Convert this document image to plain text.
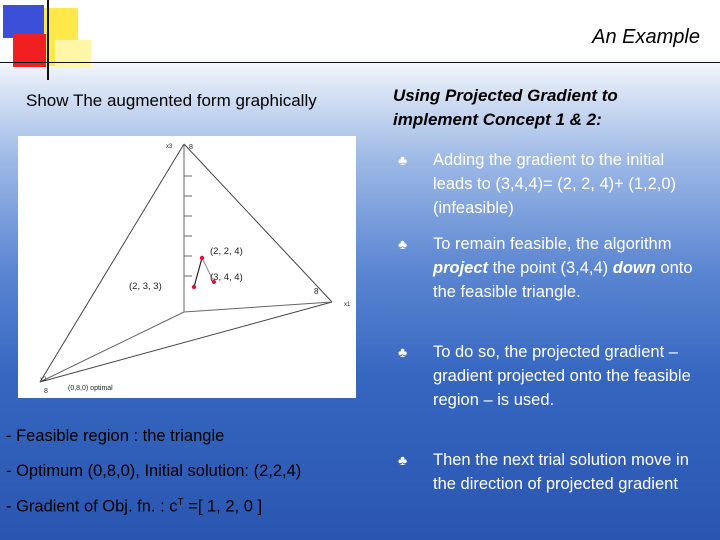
An Example
Show The augmented form graphically	Using Projected Gradient to
implement Concept 1 & 2:
x3 8
x1
8
x2
8
(2, 2, 4)
(3, 4, 4)
(2, 3, 3)
(0,8,0) optimal
♣ Adding the gradient to the initial leads to (3,4,4)= (2, 2, 4)+ (1,2,0) (infeasible)
♣ To remain feasible, the algorithm project the point (3,4,4) down onto the feasible triangle.
♣ To do so, the projected gradient – gradient projected onto the feasible region – is used.
♣ Then the next trial solution move in the direction of projected gradient
- Feasible region : the triangle
- Optimum (0,8,0), Initial solution: (2,2,4)
- Gradient of Obj. fn. : $c^T$ =[ 1, 2, 0 ]
